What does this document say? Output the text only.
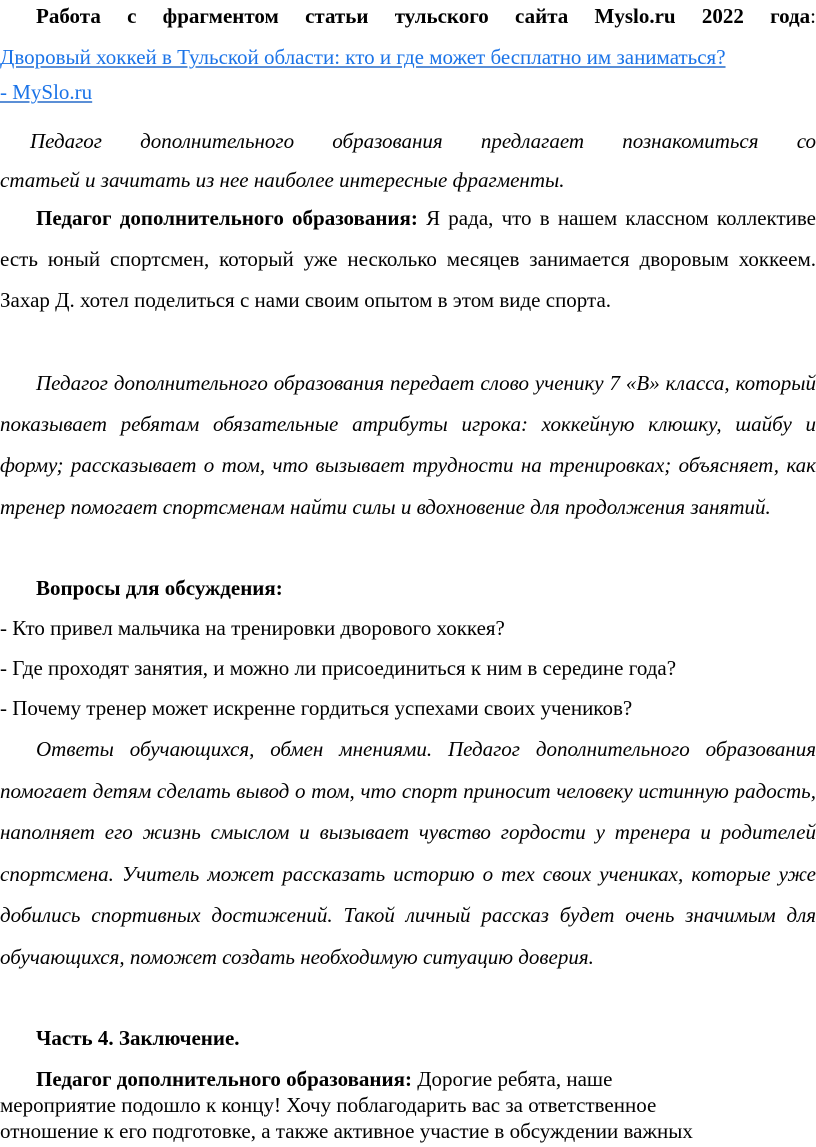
Работа с фрагментом статьи тульского сайта Myslo.ru 2022 года:

Дворовый хоккей в Тульской области: кто и где может бесплатно им заниматься?

- MySlo.ru

Педагог дополнительного образования предлагает познакомиться со

статьей и зачитать из нее наиболее интересные фрагменты.

Педагог дополнительного образования: Я рада, что в нашем классном коллективе есть юный спортсмен, который уже несколько месяцев занимается дворовым хоккеем. Захар Д. хотел поделиться с нами своим опытом в этом виде спорта.

Педагог дополнительного образования передает слово ученику 7 «В» класса, который показывает ребятам обязательные атрибуты игрока: хоккейную клюшку, шайбу и форму; рассказывает о том, что вызывает трудности на тренировках; объясняет, как тренер помогает спортсменам найти силы и вдохновение для продолжения занятий.

Вопросы для обсуждения:

- Кто привел мальчика на тренировки дворового хоккея?

- Где проходят занятия, и можно ли присоединиться к ним в середине года?

- Почему тренер может искренне гордиться успехами своих учеников?

Ответы обучающихся, обмен мнениями. Педагог дополнительного образования помогает детям сделать вывод о том, что спорт приносит человеку истинную радость, наполняет его жизнь смыслом и вызывает чувство гордости у тренера и родителей спортсмена. Учитель может рассказать историю о тех своих учениках, которые уже добились спортивных достижений. Такой личный рассказ будет очень значимым для обучающихся, поможет создать необходимую ситуацию доверия.

Часть 4. Заключение.

Педагог дополнительного образования: Дорогие ребята, наше
мероприятие подошло к концу! Хочу поблагодарить вас за ответственное
отношение к его подготовке, а также активное участие в обсуждении важных
